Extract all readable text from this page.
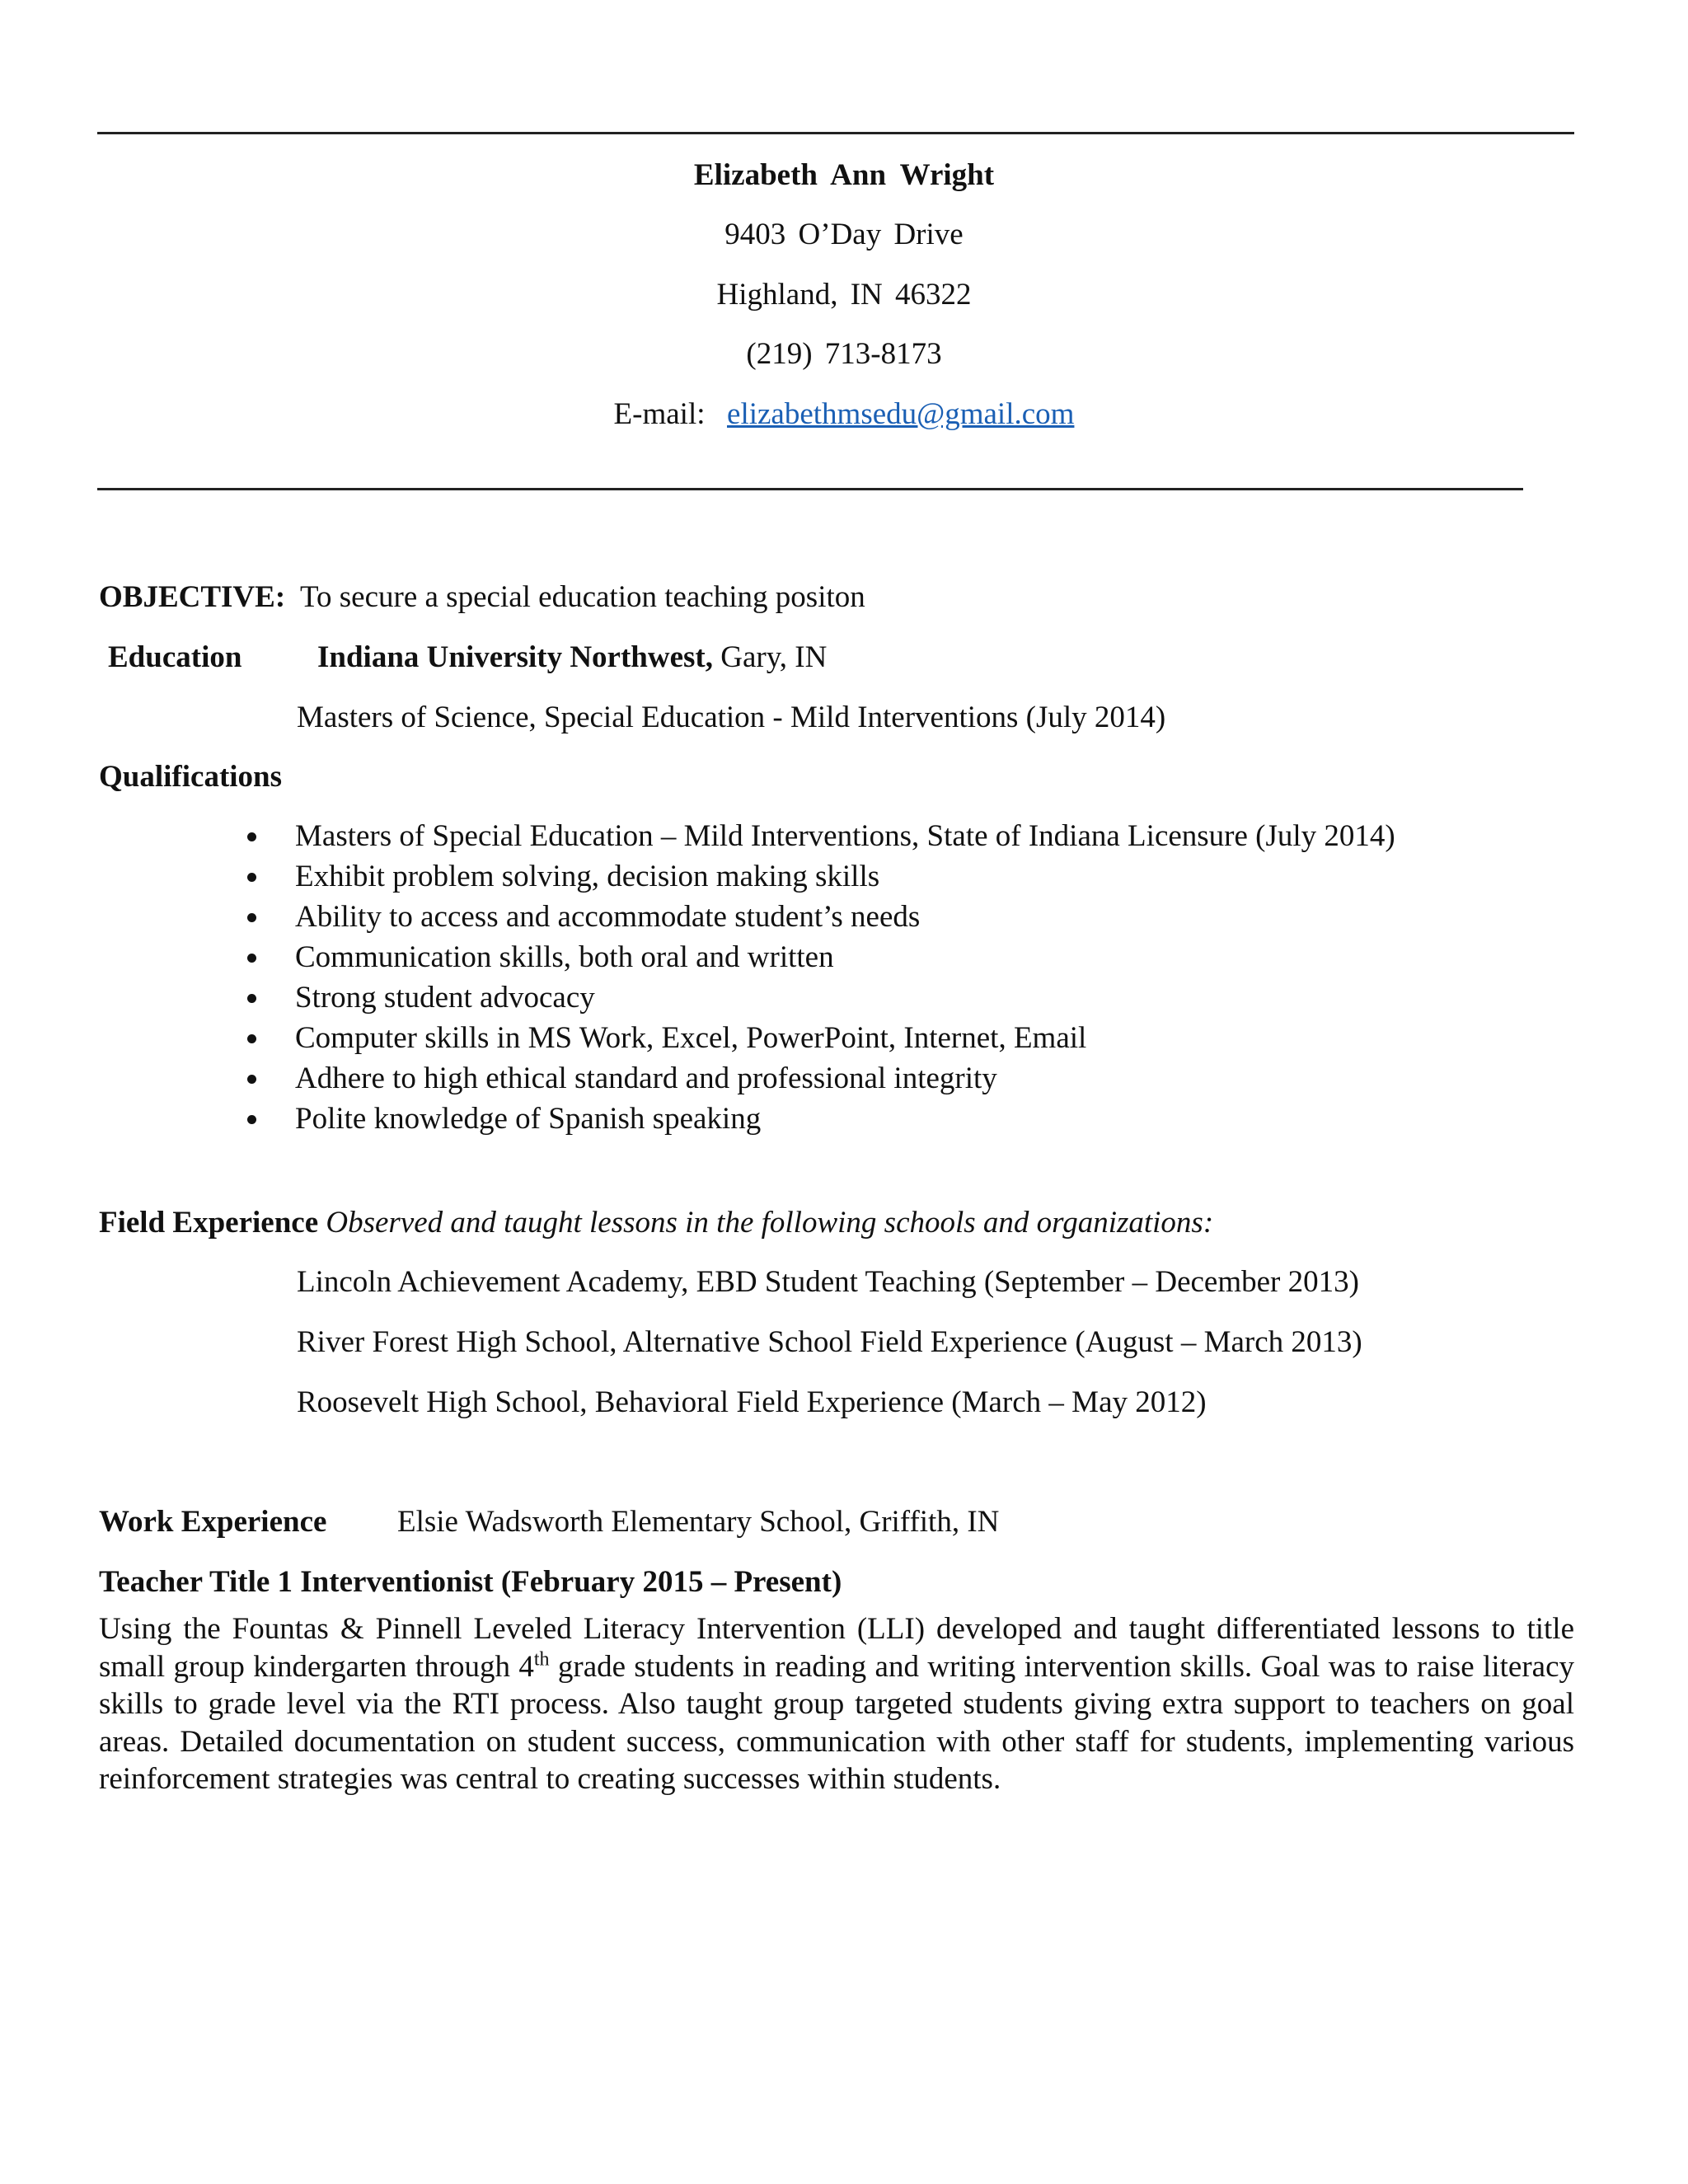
Elizabeth Ann Wright
9403 O’Day Drive
Highland, IN 46322
(219) 713-8173
E-mail: elizabethmsedu@gmail.com
OBJECTIVE: To secure a special education teaching positon
Education Indiana University Northwest, Gary, IN
Masters of Science, Special Education - Mild Interventions (July 2014)
Qualifications
Masters of Special Education – Mild Interventions, State of Indiana Licensure (July 2014)
Exhibit problem solving, decision making skills
Ability to access and accommodate student’s needs
Communication skills, both oral and written
Strong student advocacy
Computer skills in MS Work, Excel, PowerPoint, Internet, Email
Adhere to high ethical standard and professional integrity
Polite knowledge of Spanish speaking
Field Experience Observed and taught lessons in the following schools and organizations:
Lincoln Achievement Academy, EBD Student Teaching (September – December 2013)
River Forest High School, Alternative School Field Experience (August – March 2013)
Roosevelt High School, Behavioral Field Experience (March – May 2012)
Work Experience Elsie Wadsworth Elementary School, Griffith, IN
Teacher Title 1 Interventionist (February 2015 – Present)
Using the Fountas & Pinnell Leveled Literacy Intervention (LLI) developed and taught differentiated lessons to title small group kindergarten through 4th grade students in reading and writing intervention skills. Goal was to raise literacy skills to grade level via the RTI process. Also taught group targeted students giving extra support to teachers on goal areas. Detailed documentation on student success, communication with other staff for students, implementing various reinforcement strategies was central to creating successes within students.
